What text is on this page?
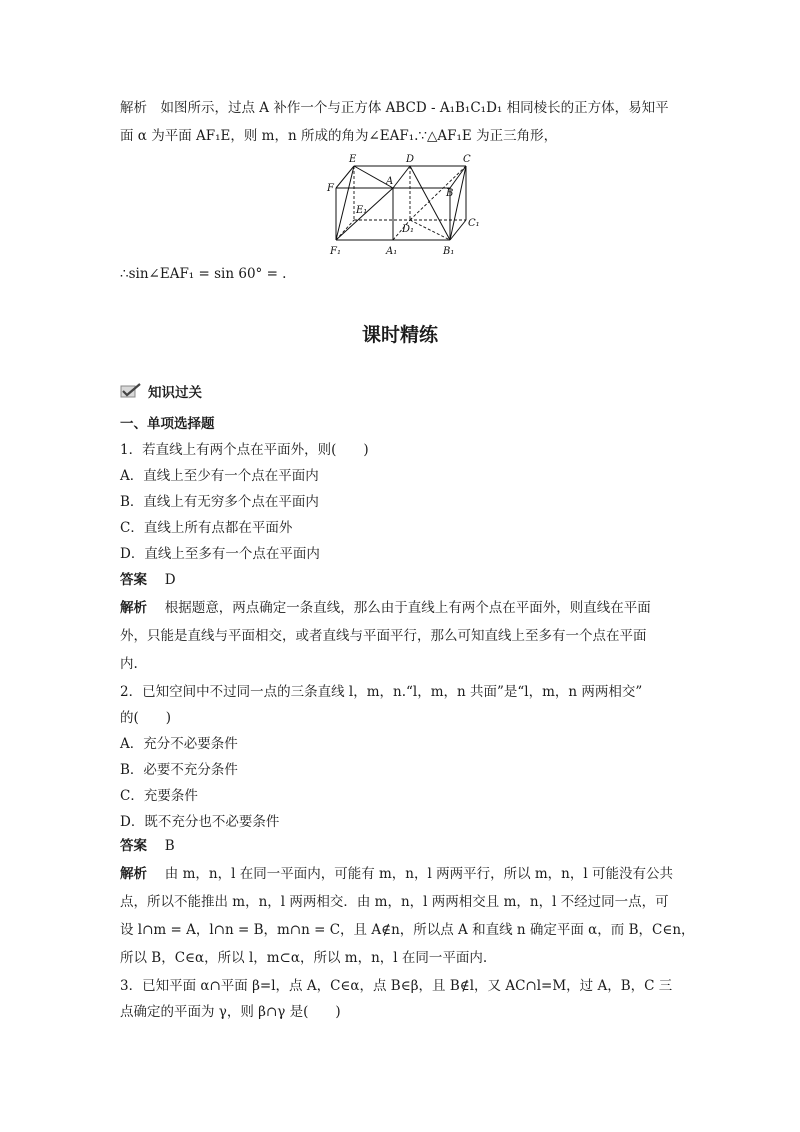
解析　如图所示，过点 A 补作一个与正方体 ABCD - A₁B₁C₁D₁ 相同棱长的正方体，易知平
面 α 为平面 AF₁E，则 m，n 所成的角为∠EAF₁.∵△AF₁E 为正三角形，
E	D	C
A
F	B
E₁
D₁
C₁
F₁	A₁	B₁
∴sin∠EAF₁ = sin 60° = .
课时精练
知识过关
一、单项选择题
1．若直线上有两个点在平面外，则(　　)
A．直线上至少有一个点在平面内
B．直线上有无穷多个点在平面内
C．直线上所有点都在平面外
D．直线上至多有一个点在平面内
答案　 D
解析　 根据题意，两点确定一条直线，那么由于直线上有两个点在平面外，则直线在平面
外，只能是直线与平面相交，或者直线与平面平行，那么可知直线上至多有一个点在平面
内.
2．已知空间中不过同一点的三条直线 l，m，n.“l，m，n 共面”是“l，m，n 两两相交”
的(　　)
A．充分不必要条件
B．必要不充分条件
C．充要条件
D．既不充分也不必要条件
答案　 B
解析　 由 m，n，l 在同一平面内，可能有 m，n，l 两两平行，所以 m，n，l 可能没有公共
点，所以不能推出 m，n，l 两两相交．由 m，n，l 两两相交且 m，n，l 不经过同一点，可
设 l∩m = A，l∩n = B，m∩n = C，且 A∉n，所以点 A 和直线 n 确定平面 α，而 B，C∈n，
所以 B，C∈α，所以 l，m⊂α，所以 m，n，l 在同一平面内.
3．已知平面 α∩平面 β=l，点 A，C∈α，点 B∈β，且 B∉l，又 AC∩l=M，过 A，B，C 三
点确定的平面为 γ，则 β∩γ 是(　　)
